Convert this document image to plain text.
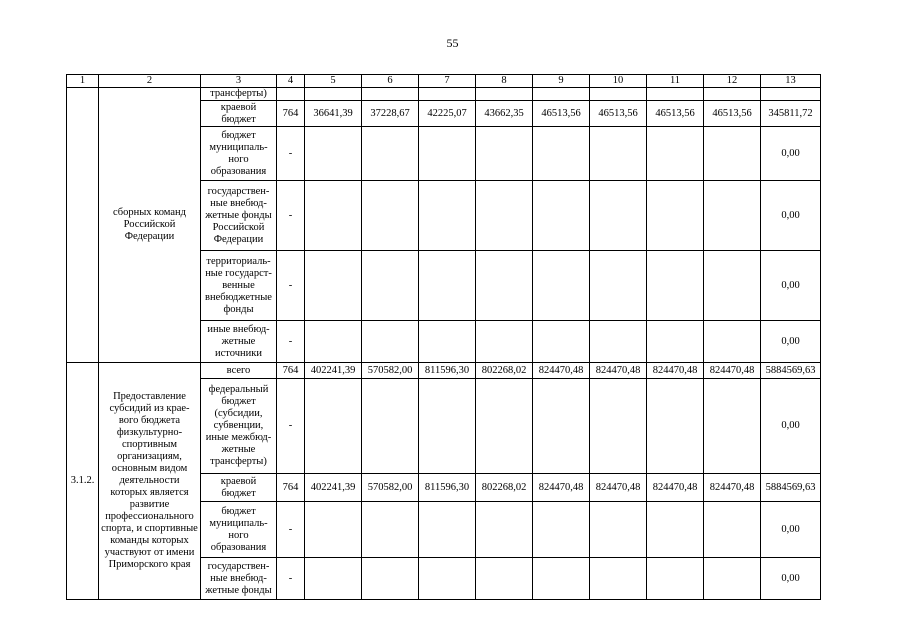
55
1	2	3	4	5	6	7	8	9	10	11	12	13
	сборных команд Российской Федерации	трансферты)										
		краевой бюджет	764	36641,39	37228,67	42225,07	43662,35	46513,56	46513,56	46513,56	46513,56	345811,72
		бюджет муниципаль-ного образования	-									0,00
		государствен-ные внебюд-жетные фонды Российской Федерации	-									0,00
		территориаль-ные государст-венные внебюджетные фонды	-									0,00
		иные внебюд-жетные источники	-									0,00
3.1.2.	Предоставление субсидий из крае-вого бюджета физкультурно-спортивным организациям, основным видом деятельности которых является развитие профессионального спорта, и спортивные команды которых участвуют от имени Приморского края	всего	764	402241,39	570582,00	811596,30	802268,02	824470,48	824470,48	824470,48	824470,48	5884569,63
		федеральный бюджет (субсидии, субвенции, иные межбюд-жетные трансферты)	-									0,00
		краевой бюджет	764	402241,39	570582,00	811596,30	802268,02	824470,48	824470,48	824470,48	824470,48	5884569,63
		бюджет муниципаль-ного образования	-									0,00
		государствен-ные внебюд-жетные фонды	-									0,00
